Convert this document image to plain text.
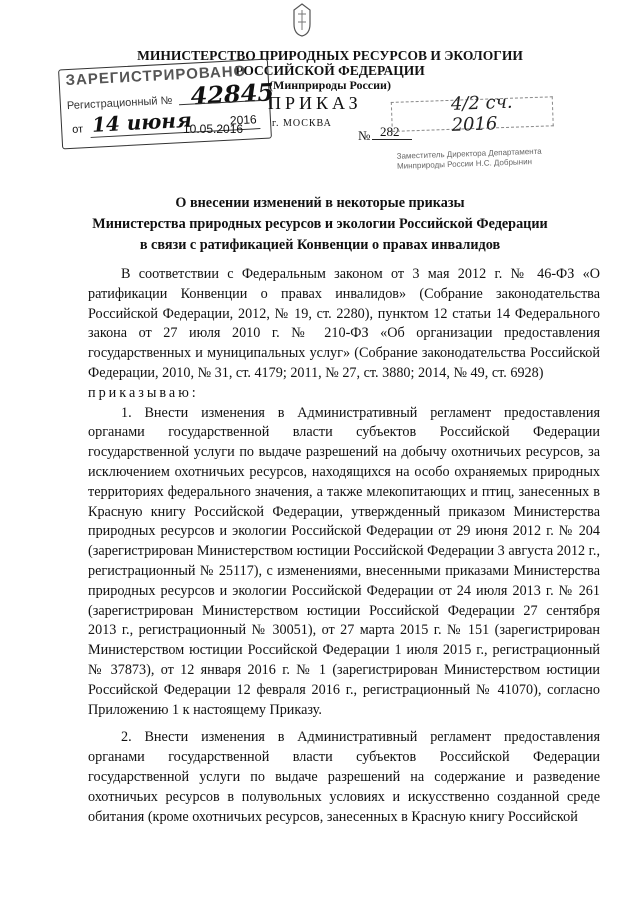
МИНИСТЕРСТВО ПРИРОДНЫХ РЕСУРСОВ И ЭКОЛОГИИ
РОССИЙСКОЙ ФЕДЕРАЦИИ
(Минприроды России)
ЗАРЕГИСТРИРОВАНО
Регистрационный № 42845
от 14 июня	2016
10.05.2016
ПРИКАЗ
г. МОСКВА
№ 282
4/2 сч. 2016
Заместитель Директора Департамента
Минприроды России Н.С. Добрынин
О внесении изменений в некоторые приказы
Министерства природных ресурсов и экологии Российской Федерации
в связи с ратификацией Конвенции о правах инвалидов

В соответствии с Федеральным законом от 3 мая 2012 г. № 46-ФЗ «О ратификации Конвенции о правах инвалидов» (Собрание законодательства Российской Федерации, 2012, № 19, ст. 2280), пунктом 12 статьи 14 Федерального закона от 27 июля 2010 г. № 210-ФЗ «Об организации предоставления государственных и муниципальных услуг» (Собрание законодательства Российской Федерации, 2010, № 31, ст. 4179; 2011, № 27, ст. 3880; 2014, № 49, ст. 6928)

приказываю:

1. Внести изменения в Административный регламент предоставления органами государственной власти субъектов Российской Федерации государственной услуги по выдаче разрешений на добычу охотничьих ресурсов, за исключением охотничьих ресурсов, находящихся на особо охраняемых природных территориях федерального значения, а также млекопитающих и птиц, занесенных в Красную книгу Российской Федерации, утвержденный приказом Министерства природных ресурсов и экологии Российской Федерации от 29 июня 2012 г. № 204 (зарегистрирован Министерством юстиции Российской Федерации 3 августа 2012 г., регистрационный № 25117), с изменениями, внесенными приказами Министерства природных ресурсов и экологии Российской Федерации от 24 июля 2013 г. № 261 (зарегистрирован Министерством юстиции Российской Федерации 27 сентября 2013 г., регистрационный № 30051), от 27 марта 2015 г. № 151 (зарегистрирован Министерством юстиции Российской Федерации 1 июля 2015 г., регистрационный № 37873), от 12 января 2016 г. № 1 (зарегистрирован Министерством юстиции Российской Федерации 12 февраля 2016 г., регистрационный № 41070), согласно Приложению 1 к настоящему Приказу.

2. Внести изменения в Административный регламент предоставления органами государственной власти субъектов Российской Федерации государственной услуги по выдаче разрешений на содержание и разведение охотничьих ресурсов в полувольных условиях и искусственно созданной среде обитания (кроме охотничьих ресурсов, занесенных в Красную книгу Российской
